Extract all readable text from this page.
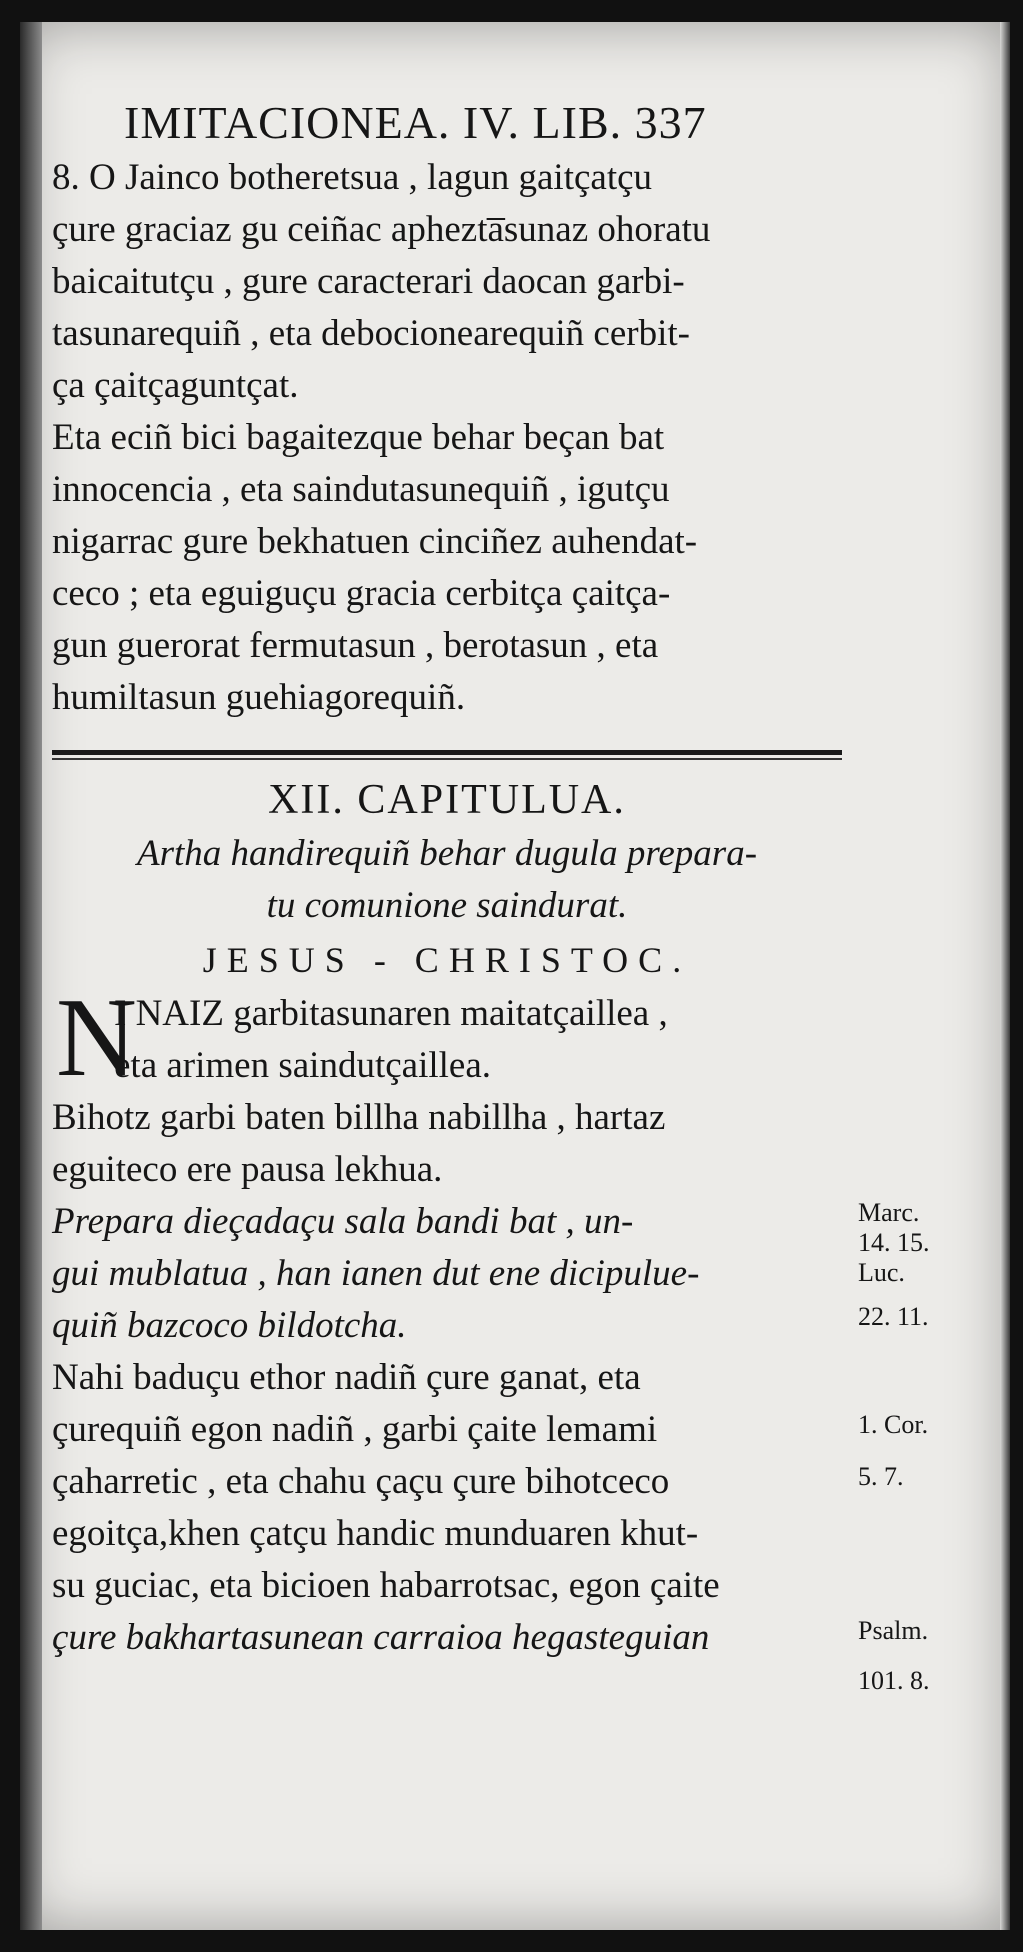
IMITACIONEA. IV. LIB. 337
8. O Jainco botheretsua , lagun gaitçatçu
çure graciaz gu ceiñac aphezta̅sunaz ohoratu
baicaitutçu , gure caracterari daocan garbi-
tasunarequiñ , eta debocionearequiñ cerbit-
ça çaitçaguntçat.
Eta eciñ bici bagaitezque behar beçan bat
innocencia , eta saindutasunequiñ , igutçu
nigarrac gure bekhatuen cinciñez auhendat-
ceco ; eta eguiguçu gracia cerbitça çaitça-
gun guerorat fermutasun , berotasun , eta
humiltasun guehiagorequiñ.
XII. CAPITULUA.
Artha handirequiñ behar dugula prepara-
tu comunione saindurat.
JESUS - CHRISTOC.
N
I NAIZ garbitasunaren maitatçaillea ,
eta arimen saindutçaillea.
Bihotz garbi baten billha nabillha , hartaz
eguiteco ere pausa lekhua.
Prepara dieçadaçu sala bandi bat , un-
gui mublatua , han ianen dut ene dicipulue-
quiñ bazcoco bildotcha.
Nahi baduçu ethor nadiñ çure ganat, eta
çurequiñ egon nadiñ , garbi çaite lemami
çaharretic , eta chahu çaçu çure bihotceco
egoitça,khen çatçu handic munduaren khut-
su guciac, eta bicioen habarrotsac, egon çaite
çure bakhartasunean carraioa hegasteguian
Marc.
14. 15.
Luc.
22. 11.
1. Cor.
5. 7.
Psalm.
101. 8.
